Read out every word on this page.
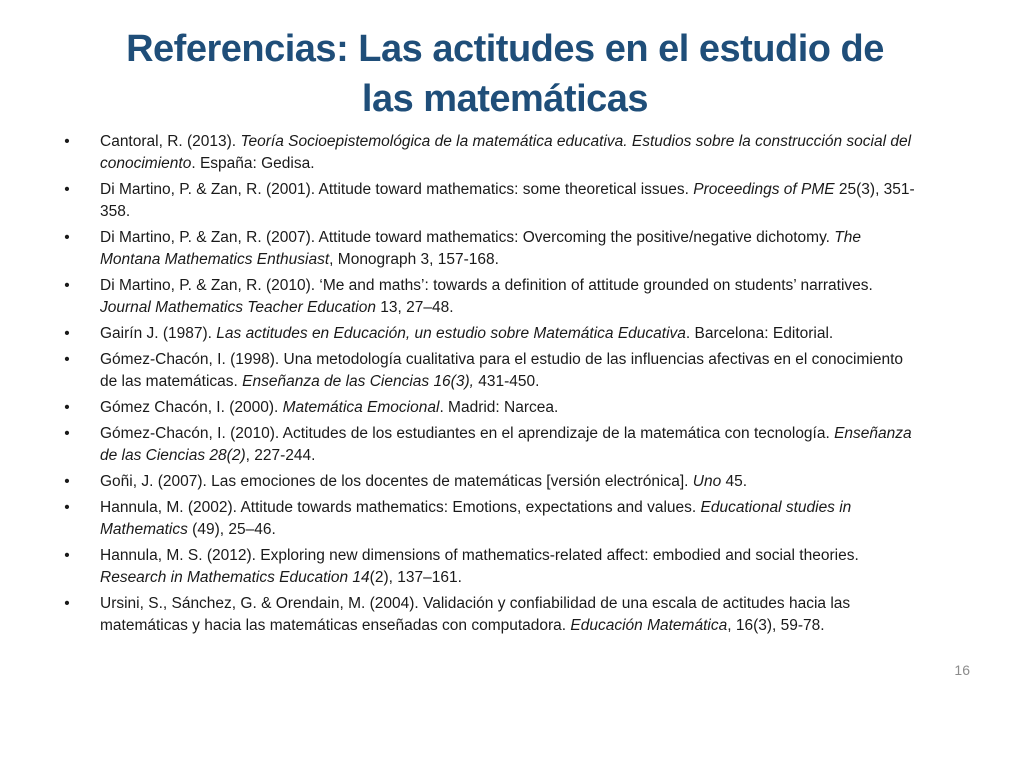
Referencias: Las actitudes en el estudio de
las matemáticas
• Cantoral, R. (2013). Teoría Socioepistemológica de la matemática educativa. Estudios sobre la construcción social del conocimiento. España: Gedisa.
• Di Martino, P. & Zan, R. (2001). Attitude toward mathematics: some theoretical issues. Proceedings of PME 25(3), 351-358.
• Di Martino, P. & Zan, R. (2007). Attitude toward mathematics: Overcoming the positive/negative dichotomy. The Montana Mathematics Enthusiast, Monograph 3, 157-168.
• Di Martino, P. & Zan, R. (2010). ‘Me and maths’: towards a definition of attitude grounded on students’ narratives. Journal Mathematics Teacher Education 13, 27–48.
• Gairín J. (1987). Las actitudes en Educación, un estudio sobre Matemática Educativa. Barcelona: Editorial.
• Gómez-Chacón, I. (1998). Una metodología cualitativa para el estudio de las influencias afectivas en el conocimiento de las matemáticas. Enseñanza de las Ciencias 16(3), 431-450.
• Gómez Chacón, I. (2000). Matemática Emocional. Madrid: Narcea.
• Gómez-Chacón, I. (2010). Actitudes de los estudiantes en el aprendizaje de la matemática con tecnología. Enseñanza de las Ciencias 28(2), 227-244.
• Goñi, J. (2007). Las emociones de los docentes de matemáticas [versión electrónica]. Uno 45.
• Hannula, M. (2002). Attitude towards mathematics: Emotions, expectations and values. Educational studies in Mathematics (49), 25–46.
• Hannula, M. S. (2012). Exploring new dimensions of mathematics-related affect: embodied and social theories. Research in Mathematics Education 14(2), 137–161.
• Ursini, S., Sánchez, G. & Orendain, M. (2004). Validación y confiabilidad de una escala de actitudes hacia las matemáticas y hacia las matemáticas enseñadas con computadora. Educación Matemática, 16(3), 59-78.
16
